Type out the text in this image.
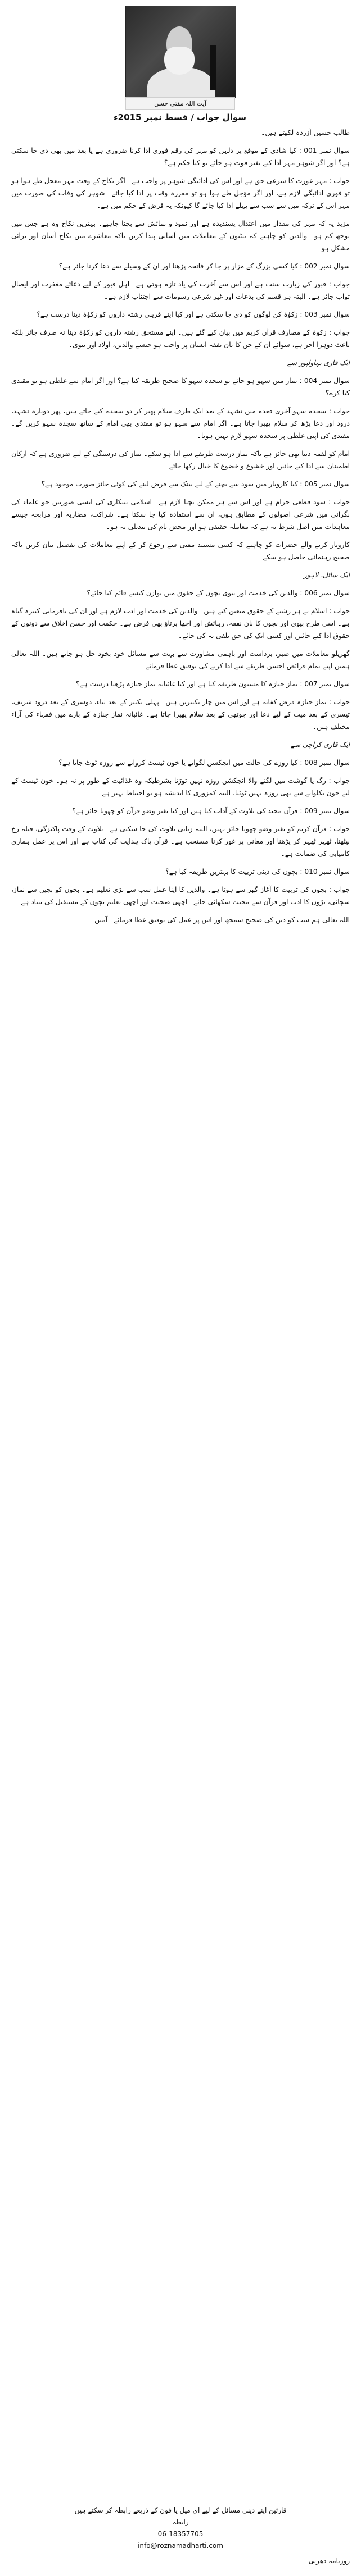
آیت اللہ مفتی حسن
سوال جواب / قسط نمبر 2015ء

طالب حسین آزردہ لکھتے ہیں۔

سوال نمبر 001 : کیا شادی کے موقع پر دلہن کو مہر کی رقم فوری ادا کرنا ضروری ہے یا بعد میں بھی دی جا سکتی ہے؟ اور اگر شوہر مہر ادا کیے بغیر فوت ہو جائے تو کیا حکم ہے؟

جواب : مہر عورت کا شرعی حق ہے اور اس کی ادائیگی شوہر پر واجب ہے۔ اگر نکاح کے وقت مہر معجل طے ہوا ہو تو فوری ادائیگی لازم ہے، اور اگر مؤجل طے ہوا ہو تو مقررہ وقت پر ادا کیا جائے۔ شوہر کی وفات کی صورت میں مہر اس کے ترکہ میں سے سب سے پہلے ادا کیا جائے گا کیونکہ یہ قرض کے حکم میں ہے۔

مزید یہ کہ مہر کی مقدار میں اعتدال پسندیدہ ہے اور نمود و نمائش سے بچنا چاہیے۔ بہترین نکاح وہ ہے جس میں بوجھ کم ہو۔ والدین کو چاہیے کہ بیٹیوں کے معاملات میں آسانی پیدا کریں تاکہ معاشرے میں نکاح آسان اور برائی مشکل ہو۔

سوال نمبر 002 : کیا کسی بزرگ کے مزار پر جا کر فاتحہ پڑھنا اور ان کے وسیلے سے دعا کرنا جائز ہے؟

جواب : قبور کی زیارت سنت ہے اور اس سے آخرت کی یاد تازہ ہوتی ہے۔ اہل قبور کے لیے دعائے مغفرت اور ایصال ثواب جائز ہے۔ البتہ ہر قسم کی بدعات اور غیر شرعی رسومات سے اجتناب لازم ہے۔

سوال نمبر 003 : زکوٰۃ کن لوگوں کو دی جا سکتی ہے اور کیا اپنے قریبی رشتہ داروں کو زکوٰۃ دینا درست ہے؟

جواب : زکوٰۃ کے مصارف قرآن کریم میں بیان کیے گئے ہیں۔ اپنے مستحق رشتہ داروں کو زکوٰۃ دینا نہ صرف جائز بلکہ باعث دوہرا اجر ہے، سوائے ان کے جن کا نان نفقہ انسان پر واجب ہو جیسے والدین، اولاد اور بیوی۔

ایک قاری بہاولپور سے

سوال نمبر 004 : نماز میں سہو ہو جائے تو سجدہ سہو کا صحیح طریقہ کیا ہے؟ اور اگر امام سے غلطی ہو تو مقتدی کیا کرے؟

جواب : سجدہ سہو آخری قعدہ میں تشہد کے بعد ایک طرف سلام پھیر کر دو سجدے کیے جاتے ہیں، پھر دوبارہ تشہد، درود اور دعا پڑھ کر سلام پھیرا جاتا ہے۔ اگر امام سے سہو ہو تو مقتدی بھی امام کے ساتھ سجدہ سہو کریں گے۔ مقتدی کی اپنی غلطی پر سجدہ سہو لازم نہیں ہوتا۔

امام کو لقمہ دینا بھی جائز ہے تاکہ نماز درست طریقے سے ادا ہو سکے۔ نماز کی درستگی کے لیے ضروری ہے کہ ارکان اطمینان سے ادا کیے جائیں اور خشوع و خضوع کا خیال رکھا جائے۔

سوال نمبر 005 : کیا کاروبار میں سود سے بچنے کے لیے بینک سے قرض لینے کی کوئی جائز صورت موجود ہے؟

جواب : سود قطعی حرام ہے اور اس سے ہر ممکن بچنا لازم ہے۔ اسلامی بینکاری کی ایسی صورتیں جو علماء کی نگرانی میں شرعی اصولوں کے مطابق ہوں، ان سے استفادہ کیا جا سکتا ہے۔ شراکت، مضاربہ اور مرابحہ جیسے معاہدات میں اصل شرط یہ ہے کہ معاملہ حقیقی ہو اور محض نام کی تبدیلی نہ ہو۔

کاروبار کرنے والے حضرات کو چاہیے کہ کسی مستند مفتی سے رجوع کر کے اپنے معاملات کی تفصیل بیان کریں تاکہ صحیح رہنمائی حاصل ہو سکے۔

ایک سائل، لاہور

سوال نمبر 006 : والدین کی خدمت اور بیوی بچوں کے حقوق میں توازن کیسے قائم کیا جائے؟

جواب : اسلام نے ہر رشتے کے حقوق متعین کیے ہیں۔ والدین کی خدمت اور ادب لازم ہے اور ان کی نافرمانی کبیرہ گناہ ہے۔ اسی طرح بیوی اور بچوں کا نان نفقہ، رہائش اور اچھا برتاؤ بھی فرض ہے۔ حکمت اور حسن اخلاق سے دونوں کے حقوق ادا کیے جائیں اور کسی ایک کی حق تلفی نہ کی جائے۔

گھریلو معاملات میں صبر، برداشت اور باہمی مشاورت سے بہت سے مسائل خود بخود حل ہو جاتے ہیں۔ اللہ تعالیٰ ہمیں اپنے تمام فرائض احسن طریقے سے ادا کرنے کی توفیق عطا فرمائے۔

سوال نمبر 007 : نماز جنازہ کا مسنون طریقہ کیا ہے اور کیا غائبانہ نماز جنازہ پڑھنا درست ہے؟

جواب : نماز جنازہ فرض کفایہ ہے اور اس میں چار تکبیریں ہیں۔ پہلی تکبیر کے بعد ثناء، دوسری کے بعد درود شریف، تیسری کے بعد میت کے لیے دعا اور چوتھی کے بعد سلام پھیرا جاتا ہے۔ غائبانہ نماز جنازہ کے بارے میں فقہاء کی آراء مختلف ہیں۔

ایک قاری کراچی سے

سوال نمبر 008 : کیا روزے کی حالت میں انجکشن لگوانے یا خون ٹیسٹ کروانے سے روزہ ٹوٹ جاتا ہے؟

جواب : رگ یا گوشت میں لگنے والا انجکشن روزہ نہیں توڑتا بشرطیکہ وہ غذائیت کے طور پر نہ ہو۔ خون ٹیسٹ کے لیے خون نکلوانے سے بھی روزہ نہیں ٹوٹتا، البتہ کمزوری کا اندیشہ ہو تو احتیاط بہتر ہے۔

سوال نمبر 009 : قرآن مجید کی تلاوت کے آداب کیا ہیں اور کیا بغیر وضو قرآن کو چھونا جائز ہے؟

جواب : قرآن کریم کو بغیر وضو چھونا جائز نہیں، البتہ زبانی تلاوت کی جا سکتی ہے۔ تلاوت کے وقت پاکیزگی، قبلہ رخ بیٹھنا، ٹھہر ٹھہر کر پڑھنا اور معانی پر غور کرنا مستحب ہے۔ قرآن پاک ہدایت کی کتاب ہے اور اس پر عمل ہماری کامیابی کی ضمانت ہے۔

سوال نمبر 010 : بچوں کی دینی تربیت کا بہترین طریقہ کیا ہے؟

جواب : بچوں کی تربیت کا آغاز گھر سے ہوتا ہے۔ والدین کا اپنا عمل سب سے بڑی تعلیم ہے۔ بچوں کو بچپن سے نماز، سچائی، بڑوں کا ادب اور قرآن سے محبت سکھائی جائے۔ اچھی صحبت اور اچھی تعلیم بچوں کے مستقبل کی بنیاد ہے۔

اللہ تعالیٰ ہم سب کو دین کی صحیح سمجھ اور اس پر عمل کی توفیق عطا فرمائے۔ آمین

قارئین اپنے دینی مسائل کے لیے ای میل یا فون کے ذریعے رابطہ کر سکتے ہیں
رابطہ
06-18357705
info@roznamadharti.com
روزنامہ دھرتی
